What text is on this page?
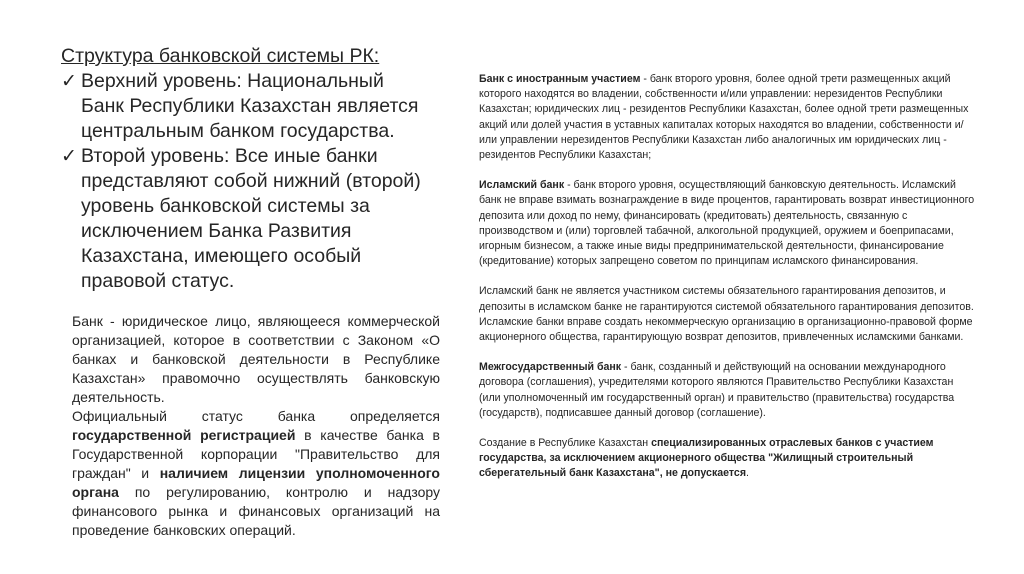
Структура банковской системы РК:
✓ Верхний уровень: Национальный Банк Республики Казахстан является центральным банком государства.
✓ Второй уровень: Все иные банки представляют собой нижний (второй) уровень банковской системы за исключением Банка Развития Казахстана, имеющего особый правовой статус.

Банк - юридическое лицо, являющееся коммерческой организацией, которое в соответствии с Законом «О банках и банковской деятельности в Республике Казахстан» правомочно осуществлять банковскую деятельность.

Официальный статус банка определяется государственной регистрацией в качестве банка в Государственной корпорации "Правительство для граждан" и наличием лицензии уполномоченного органа по регулированию, контролю и надзору финансового рынка и финансовых организаций на проведение банковских операций.

Банк с иностранным участием - банк второго уровня, более одной трети размещенных акций которого находятся во владении, собственности и/или управлении: нерезидентов Республики Казахстан; юридических лиц - резидентов Республики Казахстан, более одной трети размещенных акций или долей участия в уставных капиталах которых находятся во владении, собственности и/или управлении нерезидентов Республики Казахстан либо аналогичных им юридических лиц - резидентов Республики Казахстан;

Исламский банк - банк второго уровня, осуществляющий банковскую деятельность. Исламский банк не вправе взимать вознаграждение в виде процентов, гарантировать возврат инвестиционного депозита или доход по нему, финансировать (кредитовать) деятельность, связанную с производством и (или) торговлей табачной, алкогольной продукцией, оружием и боеприпасами, игорным бизнесом, а также иные виды предпринимательской деятельности, финансирование (кредитование) которых запрещено советом по принципам исламского финансирования.

Исламский банк не является участником системы обязательного гарантирования депозитов, и депозиты в исламском банке не гарантируются системой обязательного гарантирования депозитов. Исламские банки вправе создать некоммерческую организацию в организационно-правовой форме акционерного общества, гарантирующую возврат депозитов, привлеченных исламскими банками.

Межгосударственный банк - банк, созданный и действующий на основании международного договора (соглашения), учредителями которого являются Правительство Республики Казахстан (или уполномоченный им государственный орган) и правительство (правительства) государства (государств), подписавшее данный договор (соглашение).

Создание в Республике Казахстан специализированных отраслевых банков с участием государства, за исключением акционерного общества "Жилищный строительный сберегательный банк Казахстана", не допускается.
